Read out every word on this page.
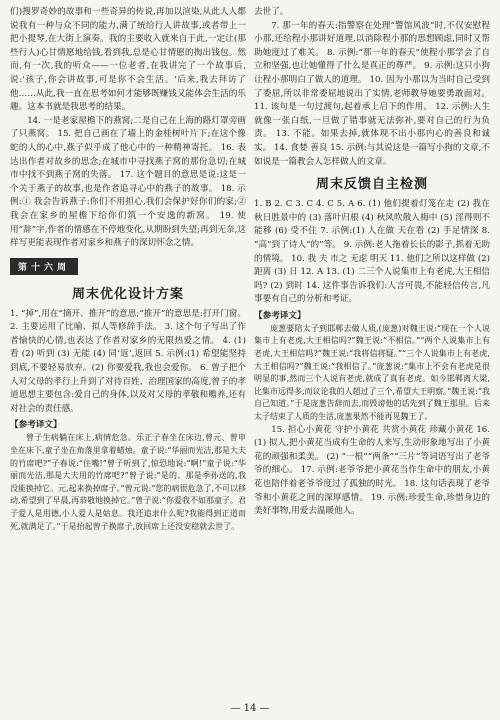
们)搜罗奇妙的故事和一些奇异的传说,再加以渲染,从此人人都说我有一种与众不同的能力,满了统给行人讲故事,或者带上一把小提琴,在大街上演奏。我的主要收入就来自于此,一定让(那些行人)心甘情愿地给钱,看到我,总是心甘情愿的掏出钱包。然而,有一次,我的听众——一位老者,在我讲完了一个故事后,说:'孩子,你会讲故事,可是你不会生活。'后来,我去拜访了他……从此,我一直在思考如何才能够既赚钱又能体会生活的乐趣。这本书就是我思考的结果。

14. 一是老家屋檐下的燕窝;二是自己在上海的路灯罩旁画了只燕窝。 15. 把自己画在了墙上的金桂树叶片下;在这个像蛇的人的心中,燕子似乎成了他心中的一种精神寄托。 16. 表达出作者对故乡的思念;在城市中寻找燕子窝的那份急切;在城市中找不到燕子窝的失落。 17. 这个题目的意思是说:这是一个关于燕子的故事,也是作者追寻心中的燕子的故事。 18. 示例:① 我会告诉燕子:你们不用担心,我们会保护好你们的家;② 我会在家乡的屋檐下给你们筑一个安逸的新窝。 19. 使用“辞”字,作者的情感在不停地变化,从期盼到失望;再到无奈,这样写更能表现作者对家乡和燕子的深切怀念之情。

第十六周
周末优化设计方案

1. “掉”,用在“摘开、推开”的意思;“推开”的意思是:打开门窗。 2. 主要运用了比喻、拟人等修辞手法。 3. 这个句子写出了作者愉快的心情,也表达了作者对家乡的无限热爱之情。 4. (1) 看 (2) 听到 (3) 无能 (4) 同‘返’,返回 5. 示例:(1) 希望能坚持到底,不要轻易放弃。(2) 你要爱我,我也会爱你。 6. 曾子把个人对父母的孝行上升到了对待百姓、治理国家的高度,曾子的孝道思想主要包含:爱自己的身体,以及对父母的孝敬和赡养,还有对社会的责任感。

【参考译文】

曾子生病躺在床上,病情危急。乐正子春坐在床边,曾元、曾申坐在床下,童子坐在角落里拿着蜡烛。童子说:“华丽而光洁,那是大夫的竹席吧?”子春说:“住嘴!”曾子听到了,惊恐地说:“啊!”童子说:“华丽而光洁,那是大夫用的竹席吧?”曾子说:“是的。那是季孙送的,我没能换掉它。元,起来换掉席子。”曾元说:“您的病很危急了,不可以移动,希望到了早晨,再恭敬地换掉它。”曾子说:“你爱我不如那童子。君子爱人是用德,小人爱人是姑息。我还追求什么呢?我能得到正道而死,就满足了。”于是抬起曾子换席子,放回席上还没安稳就去世了。

去世了。

7. 那一年的春天:指警察在处理“警馆风波”时,不仅安慰程小那,还给程小那讲好道理,以消除程小那的思想顾虑,同时又帮助她度过了难关。 8. 示例:“那一年的春天”使程小那学会了自立和坚强,也让她懂得了什么是真正的尊严。 9. 示例:这只小狗让程小那明白了做人的道理。 10. 因为小那以为当时自己受到了委屈,所以非常委屈地说出了实情,老师教导她要勇敢面对。 11. 该句是一句过渡句,起着承上启下的作用。 12. 示例:人生就像一张白纸,一旦做了错事就无法弥补,要对自己的行为负责。 13. 不能。如果去掉,就体现不出小那内心的善良和诚实。 14. 食婪 善良 15. 示例:与其说这是一篇写小狗的文章,不如说是一篇教会人怎样做人的文章。

周末反馈自主检测

1. B 2. C 3. C 4. C 5. A 6. (1) 他们提着灯笼在走 (2) 我在秋日胜景中的 (3) 落叶归根 (4) 秋风吹散入梅中 (5) 淫得则不能移 (6) 受不住 7. 示例:(1) 人在做 天在看 (2) 手足情深 8. “高”到了诗人“的”等。 9. 示例:老人拖着长长的影子,抓着无助的情境。 10. 我 夫 市之 无虑 明天 11. 他们之所以这样做 (2) 距离 (3) 日 12. A 13. (1) 二三个人说集市上有老虎,大王相信吗? (2) 到时 14. 这件事告诉我们:人言可畏,不能轻信传言,凡事要有自己的分析和考证。

【参考译文】

庞葱要陪太子到邯郸去做人质,(庞葱)对魏王说:“现在一个人说集市上有老虎,大王相信吗?”魏王说:“不相信。”“两个人说集市上有老虎,大王相信吗?”魏王说:“我将信将疑。”“三个人说集市上有老虎,大王相信吗?”魏王说:“我相信了。”庞葱说:“集市上不会有老虎是很明显的事,然而三个人说有老虎,就成了真有老虎。如今邯郸离大梁,比集市远得多,而议论我的人超过了三个,希望大王明察。”魏王说:“我自己知道。”于是庞葱告辞而去,而毁谤他的话先到了魏王那里。后来太子结束了人质的生活,庞葱果然不能再见魏王了。

15. 担心小黄花 守护小黄花 共赏小黄花 珍藏小黄花 16. (1) 拟人,把小黄花当成有生命的人来写,生动形象地写出了小黄花的顽强和柔美。 (2) “一根”“两条”“三片”等词语写出了老爷爷的细心。 17. 示例:老爷爷把小黄花当作生命中的朋友,小黄花也陪伴着老爷爷度过了孤独的时光。 18. 这句话表现了老爷爷和小黄花之间的深厚感情。 19. 示例:珍爱生命,珍惜身边的美好事物,用爱去温暖他人。

— 14 —
